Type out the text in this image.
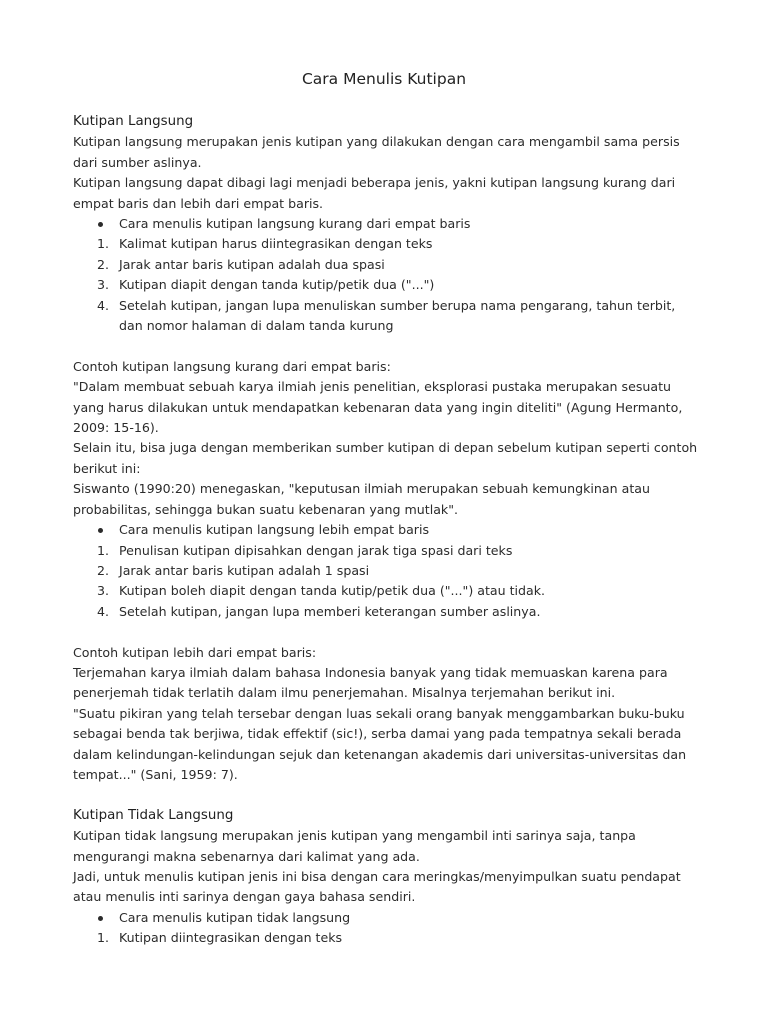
Cara Menulis Kutipan
Kutipan Langsung

Kutipan langsung merupakan jenis kutipan yang dilakukan dengan cara mengambil sama persis dari sumber aslinya.

Kutipan langsung dapat dibagi lagi menjadi beberapa jenis, yakni kutipan langsung kurang dari empat baris dan lebih dari empat baris.

Cara menulis kutipan langsung kurang dari empat baris
1. Kalimat kutipan harus diintegrasikan dengan teks
2. Jarak antar baris kutipan adalah dua spasi
3. Kutipan diapit dengan tanda kutip/petik dua ("...")
4. Setelah kutipan, jangan lupa menuliskan sumber berupa nama pengarang, tahun terbit, dan nomor halaman di dalam tanda kurung

Contoh kutipan langsung kurang dari empat baris:

"Dalam membuat sebuah karya ilmiah jenis penelitian, eksplorasi pustaka merupakan sesuatu yang harus dilakukan untuk mendapatkan kebenaran data yang ingin diteliti" (Agung Hermanto, 2009: 15-16).

Selain itu, bisa juga dengan memberikan sumber kutipan di depan sebelum kutipan seperti contoh berikut ini:

Siswanto (1990:20) menegaskan, "keputusan ilmiah merupakan sebuah kemungkinan atau probabilitas, sehingga bukan suatu kebenaran yang mutlak".

Cara menulis kutipan langsung lebih empat baris
1. Penulisan kutipan dipisahkan dengan jarak tiga spasi dari teks
2. Jarak antar baris kutipan adalah 1 spasi
3. Kutipan boleh diapit dengan tanda kutip/petik dua ("...") atau tidak.
4. Setelah kutipan, jangan lupa memberi keterangan sumber aslinya.

Contoh kutipan lebih dari empat baris:

Terjemahan karya ilmiah dalam bahasa Indonesia banyak yang tidak memuaskan karena para penerjemah tidak terlatih dalam ilmu penerjemahan. Misalnya terjemahan berikut ini.

"Suatu pikiran yang telah tersebar dengan luas sekali orang banyak menggambarkan buku-buku sebagai benda tak berjiwa, tidak effektif (sic!), serba damai yang pada tempatnya sekali berada dalam kelindungan-kelindungan sejuk dan ketenangan akademis dari universitas-universitas dan tempat..." (Sani, 1959: 7).

Kutipan Tidak Langsung

Kutipan tidak langsung merupakan jenis kutipan yang mengambil inti sarinya saja, tanpa mengurangi makna sebenarnya dari kalimat yang ada.

Jadi, untuk menulis kutipan jenis ini bisa dengan cara meringkas/menyimpulkan suatu pendapat atau menulis inti sarinya dengan gaya bahasa sendiri.

Cara menulis kutipan tidak langsung
1. Kutipan diintegrasikan dengan teks
